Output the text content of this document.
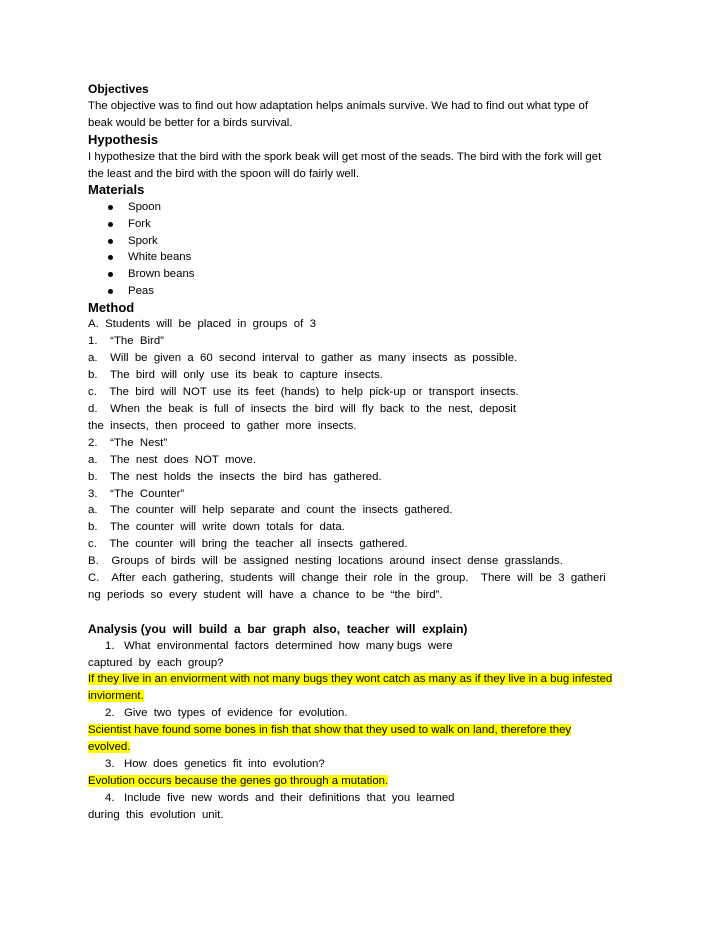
Objectives
The objective was to find out how adaptation helps animals survive. We had to find out what type of
beak would be better for a birds survival.
Hypothesis
I hypothesize that the bird with the spork beak will get most of the seads. The bird with the fork will get
the least and the bird with the spoon will do fairly well.
Materials
Spoon
Fork
Spork
White beans
Brown beans
Peas
Method
A.  Students  will  be  placed  in  groups  of  3
1.    “The  Bird”
a.    Will  be  given  a  60  second  interval  to  gather  as  many  insects  as  possible.
b.    The  bird  will  only  use  its  beak  to  capture  insects.
c.    The  bird  will  NOT  use  its  feet  (hands)  to  help  pick-up  or  transport  insects.
d.    When  the  beak  is  full  of  insects  the  bird  will  fly  back  to  the  nest,  deposit
the  insects,  then  proceed  to  gather  more  insects.
2.    “The  Nest”
a.    The  nest  does  NOT  move.
b.    The  nest  holds  the  insects  the  bird  has  gathered.
3.    “The  Counter”
a.    The  counter  will  help  separate  and  count  the  insects  gathered.
b.    The  counter  will  write  down  totals  for  data.
c.    The  counter  will  bring  the  teacher  all  insects  gathered.
B.    Groups  of  birds  will  be  assigned  nesting  locations  around  insect  dense  grasslands.
C.    After  each  gathering,  students  will  change  their  role  in  the  group.    There  will  be  3  gatheri
ng  periods  so  every  student  will  have  a  chance  to  be  “the  bird”.
Analysis (you  will  build  a  bar  graph  also,  teacher  will  explain)
1.   What  environmental  factors  determined  how  many bugs  were
captured  by  each  group?
If they live in an enviorment with not many bugs they wont catch as many as if they live in a bug infested
inviorment.
2.   Give  two  types  of  evidence  for  evolution.
Scientist have found some bones in fish that show that they used to walk on land, therefore they
evolved.
3.   How  does  genetics  fit  into  evolution?
Evolution occurs because the genes go through a mutation.
4.   Include  five  new  words  and  their  definitions  that  you  learned
during  this  evolution  unit.
